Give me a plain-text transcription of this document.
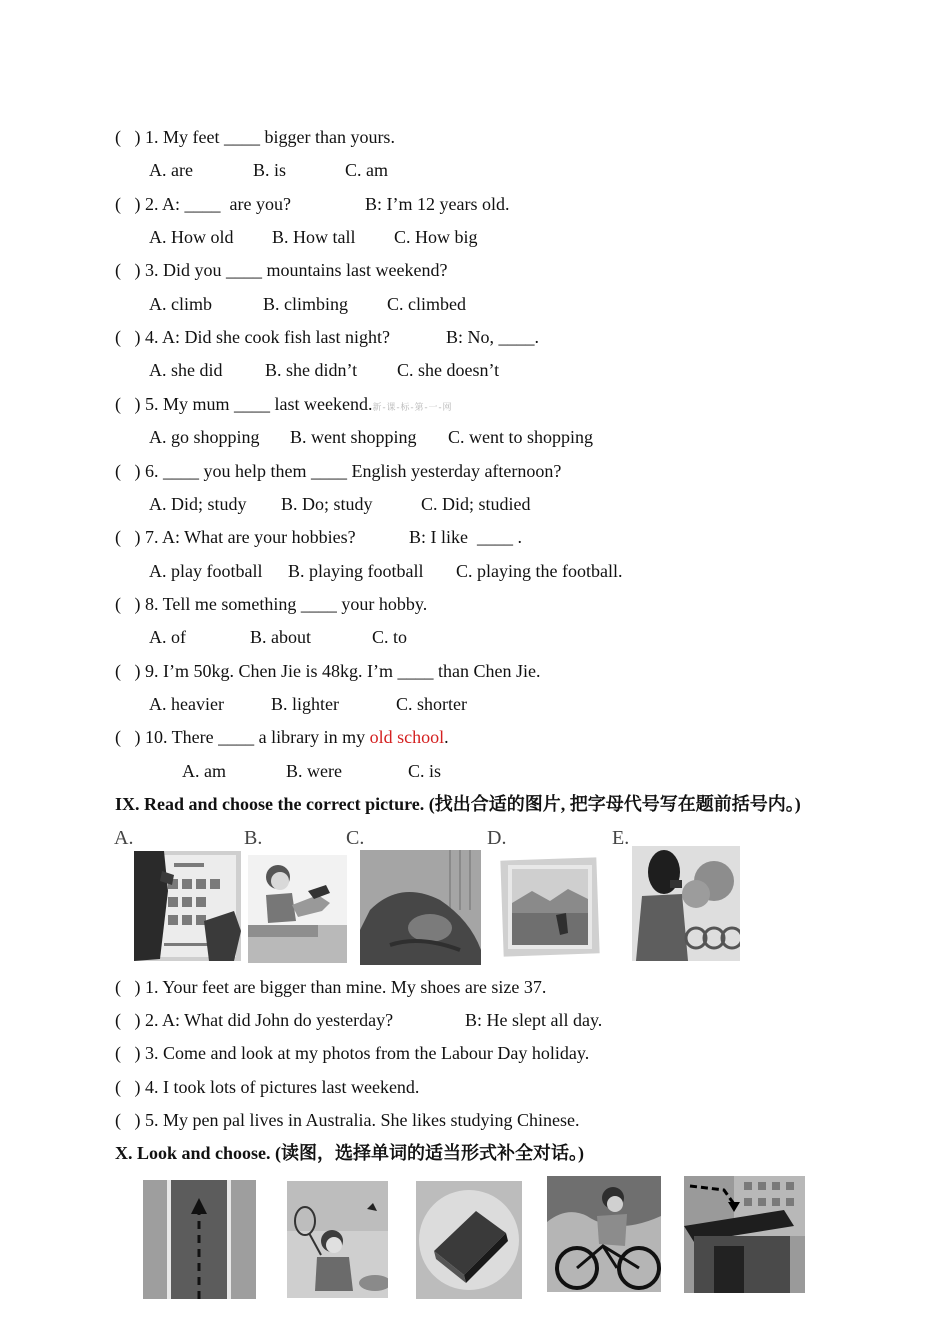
(   ) 1. My feet ____ bigger than yours.
A. are	B. is	C. am
(   ) 2. A: ____  are you?	B: I’m 12 years old.
A. How old B. How tall C. How big
(   ) 3. Did you ____ mountains last weekend?
A. climb	B. climbing C. climbed
(   ) 4. A: Did she cook fish last night?	B: No, ____.
A. she did B. she didn’t C. she doesn’t
(   ) 5. My mum ____ last weekend.新-课-标-第-一-网
A. go shopping B. went shopping C. went to shopping
(   ) 6. ____ you help them ____ English yesterday afternoon?
A. Did; study B. Do; study	C. Did; studied
(   ) 7. A: What are your hobbies?	B: I like  ____ .
A. play football B. playing football C. playing the football.
(   ) 8. Tell me something ____ your hobby.
A. of	B. about	C. to
(   ) 9. I’m 50kg. Chen Jie is 48kg. I’m ____ than Chen Jie.
A. heavier	B. lighter	C. shorter
(   ) 10. There ____ a library in my old school.
A. am	B. were	C. is
IX. Read and choose the correct picture. (找出合适的图片, 把字母代号写在题前括号内。)
A.	B.	C.	D.	E.
(   ) 1. Your feet are bigger than mine. My shoes are size 37.
(   ) 2. A: What did John do yesterday?	B: He slept all day.
(   ) 3. Come and look at my photos from the Labour Day holiday.
(   ) 4. I took lots of pictures last weekend.
(   ) 5. My pen pal lives in Australia. She likes studying Chinese.
X. Look and choose. (读图，选择单词的适当形式补全对话。)
